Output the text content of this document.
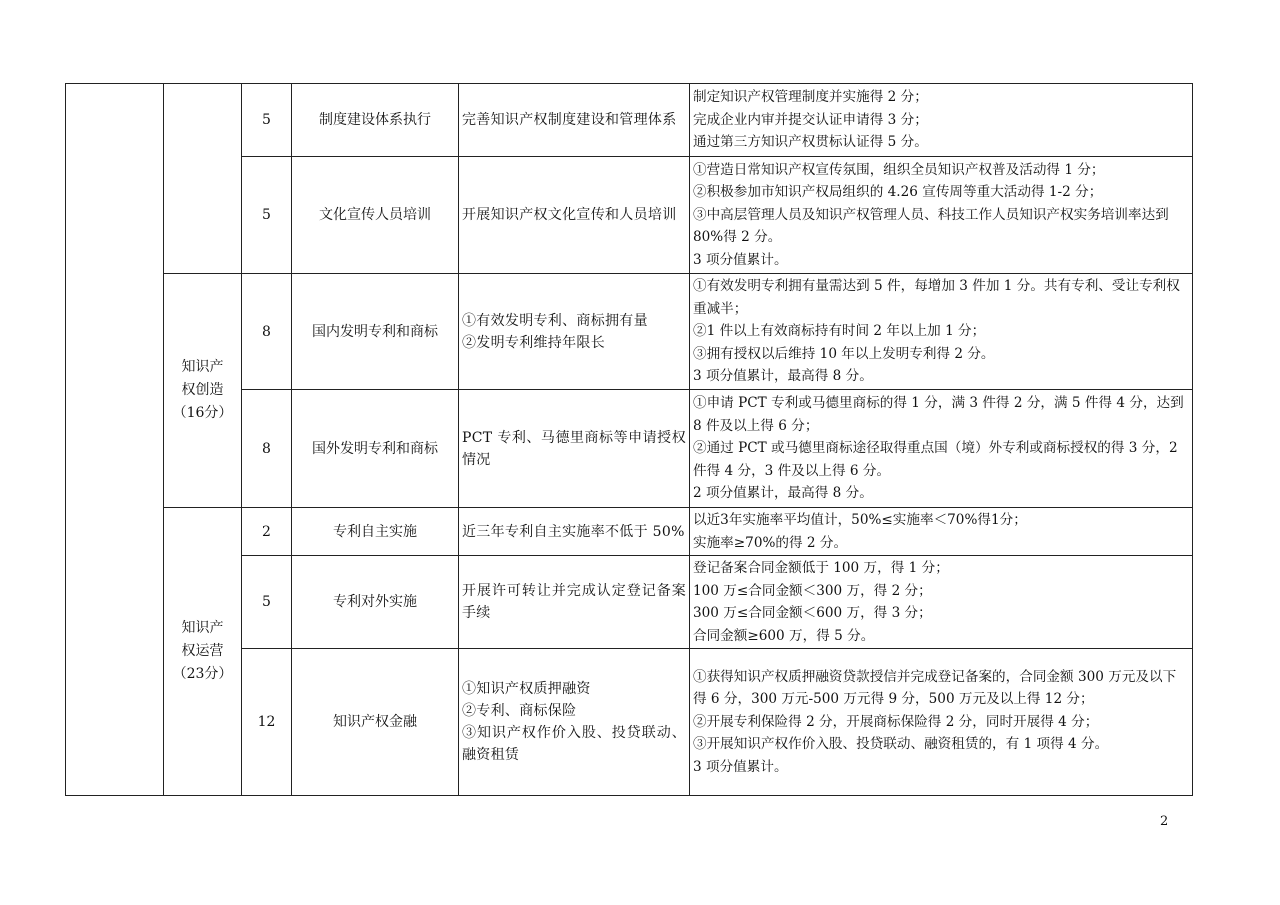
		5	制度建设体系执行	完善知识产权制度建设和管理体系	制定知识产权管理制度并实施得 2 分；
完成企业内审并提交认证申请得 3 分；
通过第三方知识产权贯标认证得 5 分。

		5	文化宣传人员培训	开展知识产权文化宣传和人员培训	①营造日常知识产权宣传氛围，组织全员知识产权普及活动得 1 分；
②积极参加市知识产权局组织的 4.26 宣传周等重大活动得 1-2 分；
③中高层管理人员及知识产权管理人员、科技工作人员知识产权实务培训率达到 80%得 2 分。
3 项分值累计。

	知识产
权创造
（16分）	8	国内发明专利和商标	①有效发明专利、商标拥有量
②发明专利维持年限长	①有效发明专利拥有量需达到 5 件，每增加 3 件加 1 分。共有专利、受让专利权重减半；
②1 件以上有效商标持有时间 2 年以上加 1 分；
③拥有授权以后维持 10 年以上发明专利得 2 分。
3 项分值累计，最高得 8 分。

		8	国外发明专利和商标	PCT 专利、马德里商标等申请授权情况	①申请 PCT 专利或马德里商标的得 1 分，满 3 件得 2 分，满 5 件得 4 分，达到 8 件及以上得 6 分；
②通过 PCT 或马德里商标途径取得重点国（境）外专利或商标授权的得 3 分，2 件得 4 分，3 件及以上得 6 分。
2 项分值累计，最高得 8 分。

	知识产
权运营
（23分）	2	专利自主实施	近三年专利自主实施率不低于 50%	以近3年实施率平均值计，50%≤实施率＜70%得1分；
实施率≥70%的得 2 分。

		5	专利对外实施	开展许可转让并完成认定登记备案手续	登记备案合同金额低于 100 万，得 1 分；
100 万≤合同金额＜300 万，得 2 分；
300 万≤合同金额＜600 万，得 3 分；
合同金额≥600 万，得 5 分。

		12	知识产权金融	①知识产权质押融资
②专利、商标保险
③知识产权作价入股、投贷联动、融资租赁	①获得知识产权质押融资贷款授信并完成登记备案的，合同金额 300 万元及以下得 6 分，300 万元-500 万元得 9 分，500 万元及以上得 12 分；
②开展专利保险得 2 分，开展商标保险得 2 分，同时开展得 4 分；
③开展知识产权作价入股、投贷联动、融资租赁的，有 1 项得 4 分。
3 项分值累计。
2
